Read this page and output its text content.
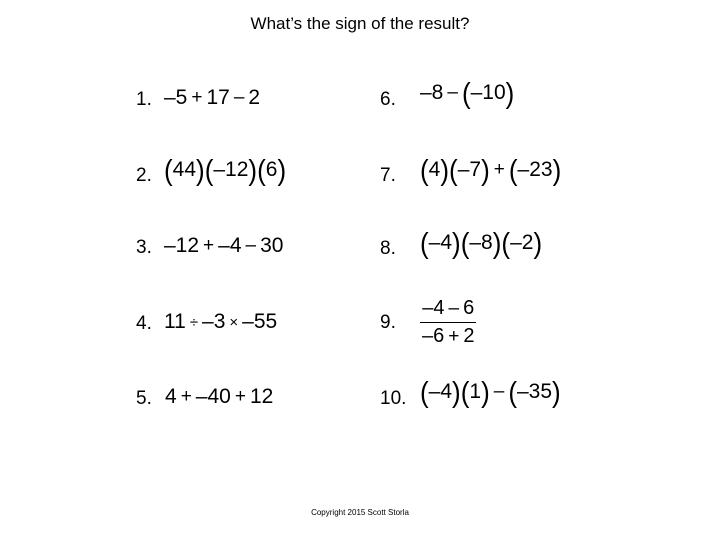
What’s the sign of the result?
1. –5 + 17 – 2
2. ( 44 ) ( –12 ) ( 6 )
3. –12 + –4 – 30
4. 11 ÷ –3 × –55
5. 4 + –40 + 12
6. –8 – ( –10 )
7. ( 4 ) ( –7 ) + ( –23 )
8. ( –4 ) ( –8 ) ( –2 )
9.
–4 – 6
–6 + 2
10. ( –4 ) ( 1 ) – ( –35 )
Copyright 2015 Scott Storla
